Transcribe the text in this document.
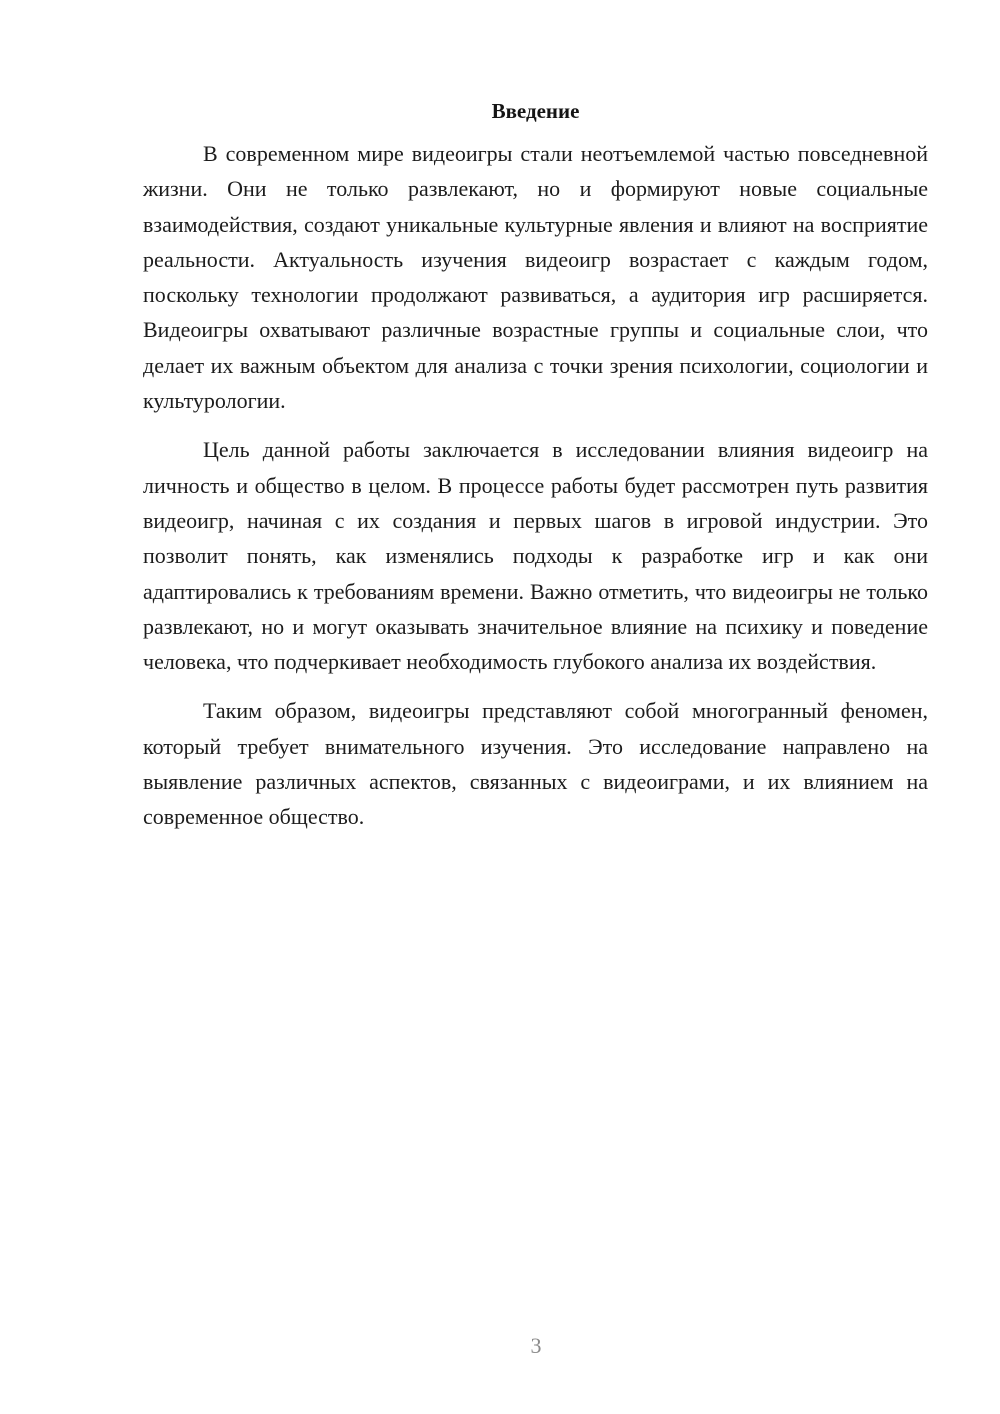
Введение

В современном мире видеоигры стали неотъемлемой частью повседневной жизни. Они не только развлекают, но и формируют новые социальные взаимодействия, создают уникальные культурные явления и влияют на восприятие реальности. Актуальность изучения видеоигр возрастает с каждым годом, поскольку технологии продолжают развиваться, а аудитория игр расширяется. Видеоигры охватывают различные возрастные группы и социальные слои, что делает их важным объектом для анализа с точки зрения психологии, социологии и культурологии.

Цель данной работы заключается в исследовании влияния видеоигр на личность и общество в целом. В процессе работы будет рассмотрен путь развития видеоигр, начиная с их создания и первых шагов в игровой индустрии. Это позволит понять, как изменялись подходы к разработке игр и как они адаптировались к требованиям времени. Важно отметить, что видеоигры не только развлекают, но и могут оказывать значительное влияние на психику и поведение человека, что подчеркивает необходимость глубокого анализа их воздействия.

Таким образом, видеоигры представляют собой многогранный феномен, который требует внимательного изучения. Это исследование направлено на выявление различных аспектов, связанных с видеоиграми, и их влиянием на современное общество.

3
